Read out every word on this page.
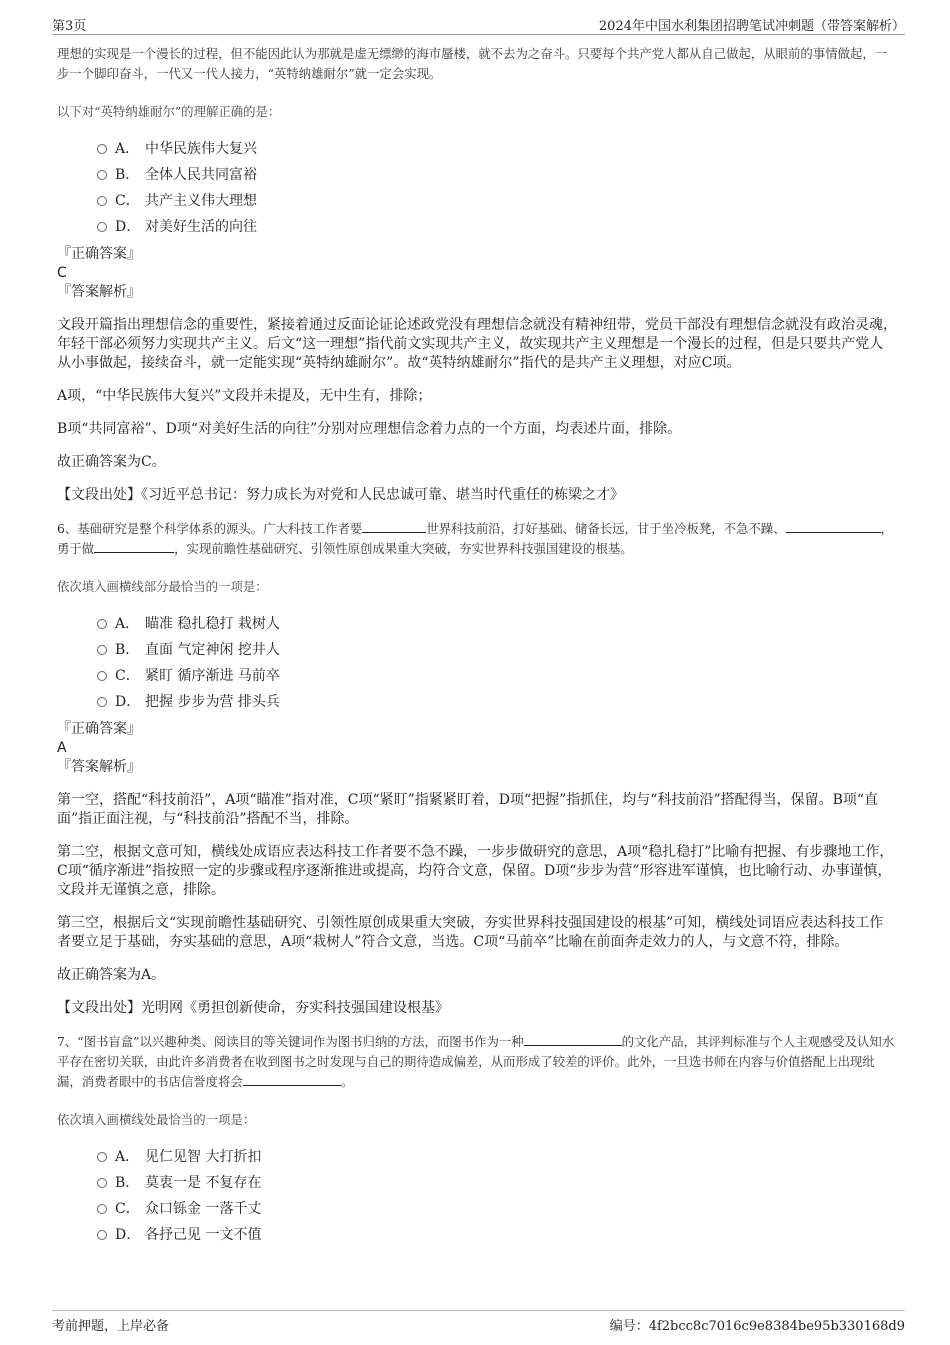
第3页	2024年中国水利集团招聘笔试冲刺题（带答案解析）

理想的实现是一个漫长的过程，但不能因此认为那就是虚无缥缈的海市蜃楼，就不去为之奋斗。只要每个共产党人都从自己做起，从眼前的事情做起，一步一个脚印奋斗，一代又一代人接力，“英特纳雄耐尔”就一定会实现。

以下对“英特纳雄耐尔”的理解正确的是：

A． 中华民族伟大复兴
B． 全体人民共同富裕
C． 共产主义伟大理想
D． 对美好生活的向往

『正确答案』

C

『答案解析』

文段开篇指出理想信念的重要性，紧接着通过反面论证论述政党没有理想信念就没有精神纽带，党员干部没有理想信念就没有政治灵魂，年轻干部必须努力实现共产主义。后文“这一理想”指代前文实现共产主义，故实现共产主义理想是一个漫长的过程，但是只要共产党人从小事做起，接续奋斗，就一定能实现“英特纳雄耐尔”。故“英特纳雄耐尔”指代的是共产主义理想，对应C项。

A项，“中华民族伟大复兴”文段并未提及，无中生有，排除；

B项“共同富裕”、D项“对美好生活的向往”分别对应理想信念着力点的一个方面，均表述片面，排除。

故正确答案为C。

【文段出处】《习近平总书记：努力成长为对党和人民忠诚可靠、堪当时代重任的栋梁之才》

6、基础研究是整个科学体系的源头。广大科技工作者要	世界科技前沿，打好基础、储备长远，甘于坐冷板凳，不急不躁、	，勇于做	，实现前瞻性基础研究、引领性原创成果重大突破，夯实世界科技强国建设的根基。

依次填入画横线部分最恰当的一项是：

A． 瞄准 稳扎稳打 栽树人
B． 直面 气定神闲 挖井人
C． 紧盯 循序渐进 马前卒
D． 把握 步步为营 排头兵

『正确答案』

A

『答案解析』

第一空，搭配“科技前沿”，A项“瞄准”指对准，C项“紧盯”指紧紧盯着，D项“把握”指抓住，均与“科技前沿”搭配得当，保留。B项“直面”指正面注视，与“科技前沿”搭配不当，排除。

第二空，根据文意可知，横线处成语应表达科技工作者要不急不躁，一步步做研究的意思，A项“稳扎稳打”比喻有把握、有步骤地工作，C项“循序渐进”指按照一定的步骤或程序逐渐推进或提高，均符合文意，保留。D项“步步为营”形容进军谨慎，也比喻行动、办事谨慎，文段并无谨慎之意，排除。

第三空，根据后文“实现前瞻性基础研究、引领性原创成果重大突破，夯实世界科技强国建设的根基”可知，横线处词语应表达科技工作者要立足于基础，夯实基础的意思，A项“栽树人”符合文意，当选。C项“马前卒”比喻在前面奔走效力的人，与文意不符，排除。

故正确答案为A。

【文段出处】光明网《勇担创新使命，夯实科技强国建设根基》

7、“图书盲盒”以兴趣种类、阅读目的等关键词作为图书归纳的方法，而图书作为一种	的文化产品，其评判标准与个人主观感受及认知水平存在密切关联，由此许多消费者在收到图书之时发现与自己的期待造成偏差，从而形成了较差的评价。此外，一旦选书师在内容与价值搭配上出现纰漏，消费者眼中的书店信誉度将会	。

依次填入画横线处最恰当的一项是：

A． 见仁见智 大打折扣
B． 莫衷一是 不复存在
C． 众口铄金 一落千丈
D． 各抒己见 一文不值
考前押题，上岸必备	编号：4f2bcc8c7016c9e8384be95b330168d9
